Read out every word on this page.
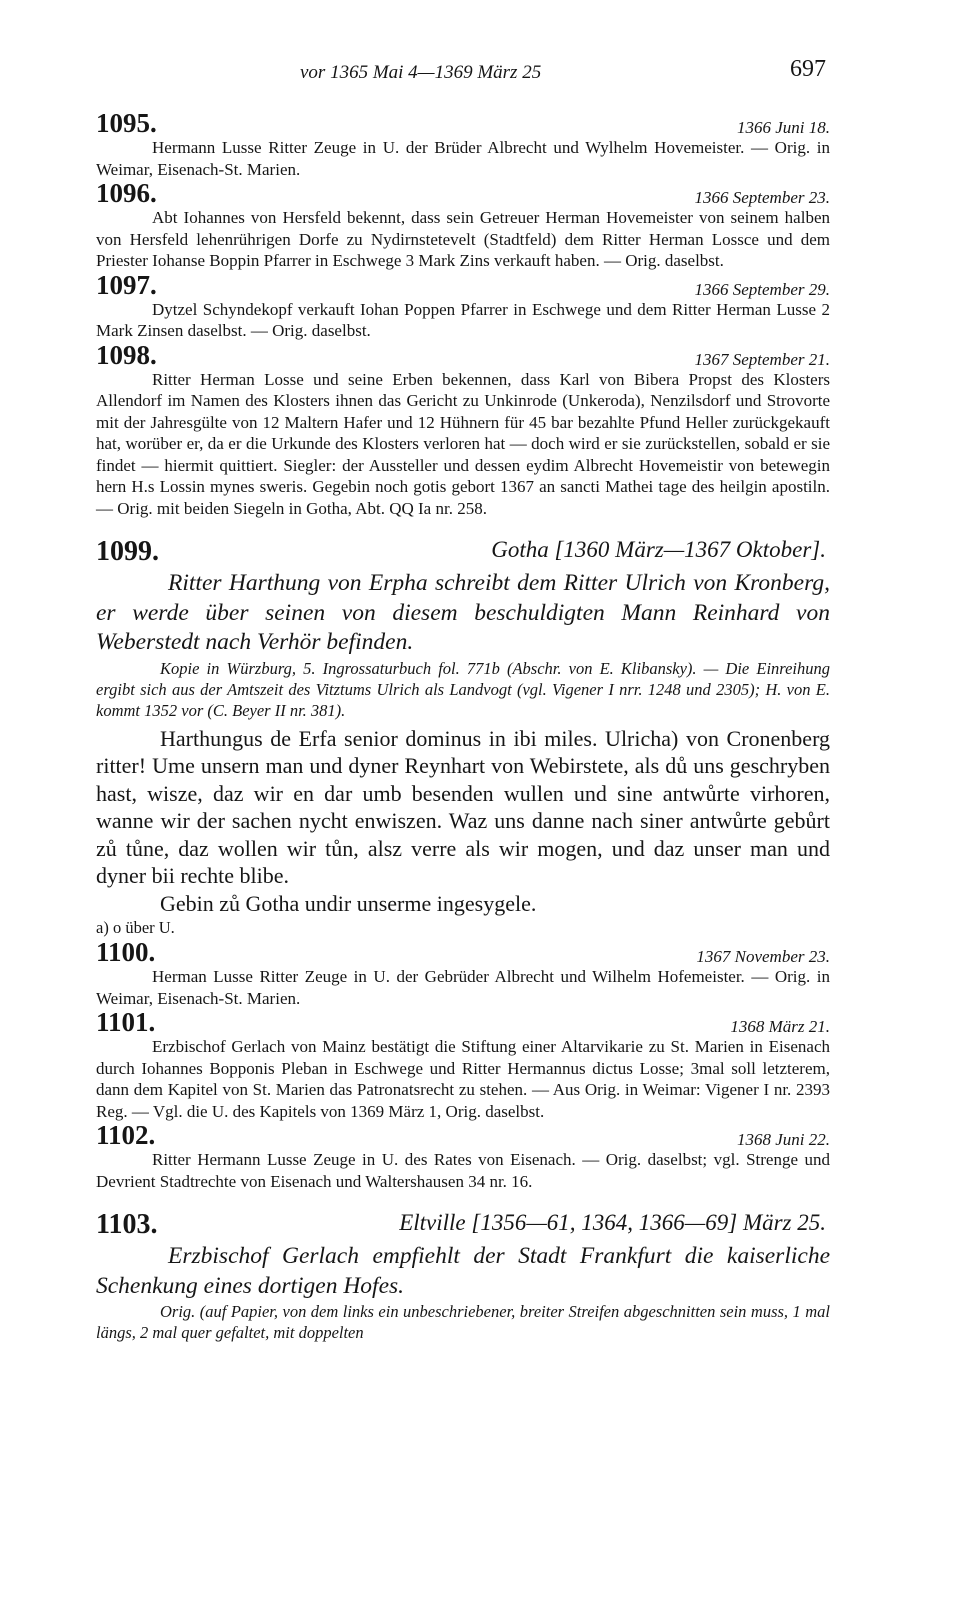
vor 1365 Mai 4—1369 März 25	697
1095.	1366 Juni 18.

Hermann Lusse Ritter Zeuge in U. der Brüder Albrecht und Wylhelm Hovemeister. — Orig. in Weimar, Eisenach-St. Marien.

1096.	1366 September 23.

Abt Iohannes von Hersfeld bekennt, dass sein Getreuer Herman Hovemeister von seinem halben von Hersfeld lehenrührigen Dorfe zu Nydirnstetevelt (Stadtfeld) dem Ritter Herman Lossce und dem Priester Iohanse Boppin Pfarrer in Eschwege 3 Mark Zins verkauft haben. — Orig. daselbst.

1097.	1366 September 29.

Dytzel Schyndekopf verkauft Iohan Poppen Pfarrer in Eschwege und dem Ritter Herman Lusse 2 Mark Zinsen daselbst. — Orig. daselbst.

1098.	1367 September 21.

Ritter Herman Losse und seine Erben bekennen, dass Karl von Bibera Propst des Klosters Allendorf im Namen des Klosters ihnen das Gericht zu Unkinrode (Unkeroda), Nenzilsdorf und Strovorte mit der Jahresgülte von 12 Maltern Hafer und 12 Hühnern für 45 bar bezahlte Pfund Heller zurückgekauft hat, worüber er, da er die Urkunde des Klosters verloren hat — doch wird er sie zurückstellen, sobald er sie findet — hiermit quittiert. Siegler: der Aussteller und dessen eydim Albrecht Hovemeistir von betewegin hern H.s Lossin mynes sweris. Gegebin noch gotis gebort 1367 an sancti Mathei tage des heilgin apostiln. — Orig. mit beiden Siegeln in Gotha, Abt. QQ Ia nr. 258.

1099.	Gotha [1360 März—1367 Oktober].

Ritter Harthung von Erpha schreibt dem Ritter Ulrich von Kronberg, er werde über seinen von diesem beschuldigten Mann Reinhard von Weberstedt nach Verhör befinden.

Kopie in Würzburg, 5. Ingrossaturbuch fol. 771b (Abschr. von E. Klibansky). — Die Einreihung ergibt sich aus der Amtszeit des Vitztums Ulrich als Landvogt (vgl. Vigener I nrr. 1248 und 2305); H. von E. kommt 1352 vor (C. Beyer II nr. 381).

Harthungus de Erfa senior dominus in ibi miles. Ulricha) von Cronenberg ritter! Ume unsern man und dyner Reynhart von Webirstete, als dů uns geschryben hast, wisze, daz wir en dar umb besenden wullen und sine antwůrte virhoren, wanne wir der sachen nycht enwiszen. Waz uns danne nach siner antwůrte gebůrt zů tůne, daz wollen wir tůn, alsz verre als wir mogen, und daz unser man und dyner bii rechte blibe.

Gebin zů Gotha undir unserme ingesygele.

a) o über U.

1100.	1367 November 23.

Herman Lusse Ritter Zeuge in U. der Gebrüder Albrecht und Wilhelm Hofemeister. — Orig. in Weimar, Eisenach-St. Marien.

1101.	1368 März 21.

Erzbischof Gerlach von Mainz bestätigt die Stiftung einer Altarvikarie zu St. Marien in Eisenach durch Iohannes Bopponis Pleban in Eschwege und Ritter Hermannus dictus Losse; 3mal soll letzterem, dann dem Kapitel von St. Marien das Patronatsrecht zu stehen. — Aus Orig. in Weimar: Vigener I nr. 2393 Reg. — Vgl. die U. des Kapitels von 1369 März 1, Orig. daselbst.

1102.	1368 Juni 22.

Ritter Hermann Lusse Zeuge in U. des Rates von Eisenach. — Orig. daselbst; vgl. Strenge und Devrient Stadtrechte von Eisenach und Waltershausen 34 nr. 16.

1103.	Eltville [1356—61, 1364, 1366—69] März 25.

Erzbischof Gerlach empfiehlt der Stadt Frankfurt die kaiserliche Schenkung eines dortigen Hofes.

Orig. (auf Papier, von dem links ein unbeschriebener, breiter Streifen abgeschnitten sein muss, 1 mal längs, 2 mal quer gefaltet, mit doppelten
